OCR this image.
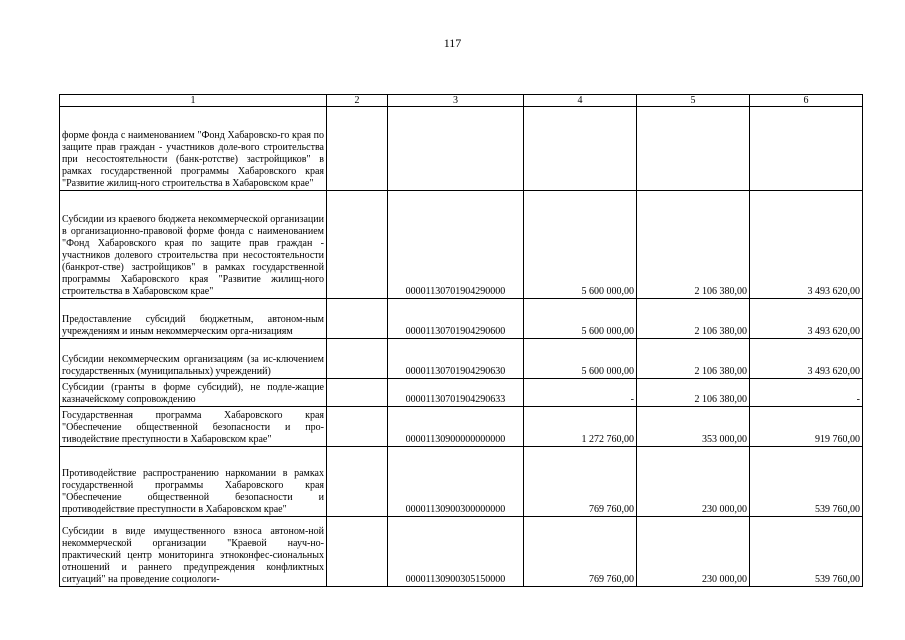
117
1	2	3	4	5	6
форме фонда с наименованием "Фонд Хабаровско-го края по защите прав граждан - участников доле-вого строительства при несостоятельности (банк-ротстве) застройщиков" в рамках государственной программы Хабаровского края "Развитие жилищ-ного строительства в Хабаровском крае"					
Субсидии из краевого бюджета некоммерческой организации в организационно-правовой форме фонда с наименованием "Фонд Хабаровского края по защите прав граждан - участников долевого строительства при несостоятельности (банкрот-стве) застройщиков" в рамках государственной программы Хабаровского края "Развитие жилищ-ного строительства в Хабаровском крае"		00001130701904290000	5 600 000,00	2 106 380,00	3 493 620,00
Предоставление субсидий бюджетным, автоном-ным учреждениям и иным некоммерческим орга-низациям		00001130701904290600	5 600 000,00	2 106 380,00	3 493 620,00
Субсидии некоммерческим организациям (за ис-ключением государственных (муниципальных) учреждений)		00001130701904290630	5 600 000,00	2 106 380,00	3 493 620,00
Субсидии (гранты в форме субсидий), не подле-жащие казначейскому сопровождению		00001130701904290633	-	2 106 380,00	-
Государственная программа Хабаровского края "Обеспечение общественной безопасности и про-тиводействие преступности в Хабаровском крае"		00001130900000000000	1 272 760,00	353 000,00	919 760,00
Противодействие распространению наркомании в рамках государственной программы Хабаровского края "Обеспечение общественной безопасности и противодействие преступности в Хабаровском крае"		00001130900300000000	769 760,00	230 000,00	539 760,00
Субсидии в виде имущественного взноса автоном-ной некоммерческой организации "Краевой науч-но-практический центр мониторинга этноконфес-сиональных отношений и раннего предупреждения конфликтных ситуаций" на проведение социологи-		00001130900305150000	769 760,00	230 000,00	539 760,00
